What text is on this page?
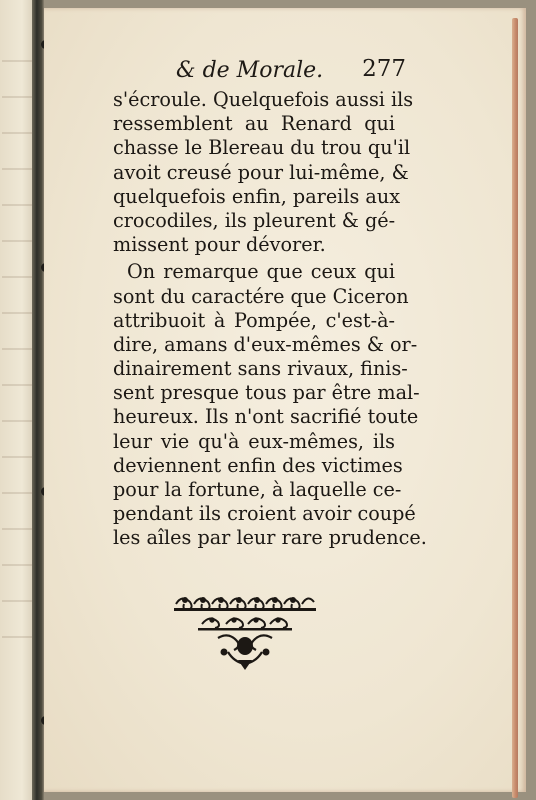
& de Morale. 277
s'écroule. Quelquefois aussi ils
ressemblent au Renard qui
chasse le Blereau du trou qu'il
avoit creusé pour lui-même, &
quelquefois enfin, pareils aux
crocodiles, ils pleurent & gé-
missent pour dévorer.
On remarque que ceux qui
sont du caractére que Ciceron
attribuoit à Pompée, c'est-à-
dire, amans d'eux-mêmes & or-
dinairement sans rivaux, finis-
sent presque tous par être mal-
heureux. Ils n'ont sacrifié toute
leur vie qu'à eux-mêmes, ils
deviennent enfin des victimes
pour la fortune, à laquelle ce-
pendant ils croient avoir coupé
les aîles par leur rare prudence.
